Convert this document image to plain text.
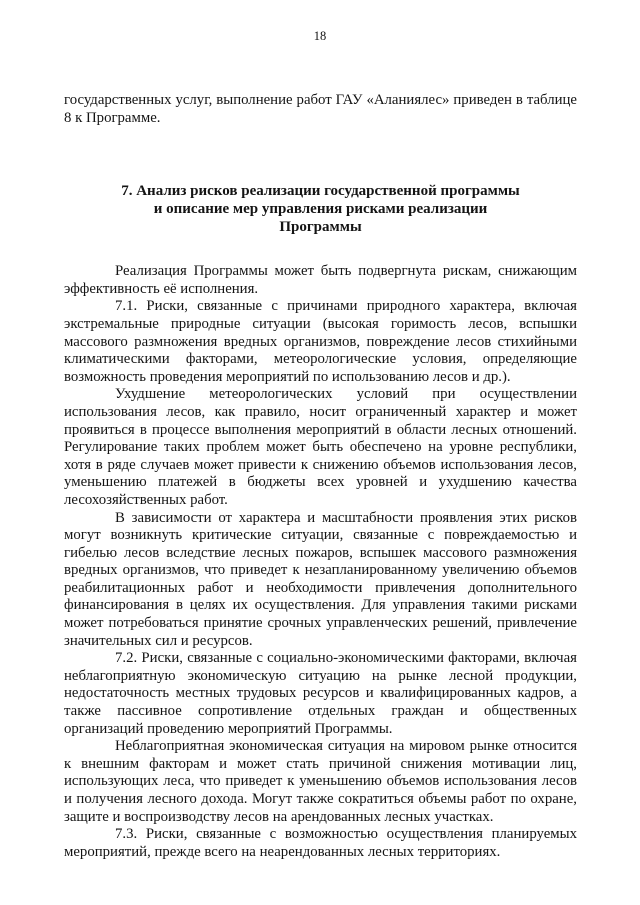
18

государственных услуг, выполнение работ ГАУ «Аланиялес» приведен в таблице 8 к Программе.

7. Анализ рисков реализации государственной программы
и описание мер управления рисками реализации
Программы

Реализация Программы может быть подвергнута рискам, снижающим эффективность её исполнения.

7.1. Риски, связанные с причинами природного характера, включая экстремальные природные ситуации (высокая горимость лесов, вспышки массового размножения вредных организмов, повреждение лесов стихийными климатическими факторами, метеорологические условия, определяющие возможность проведения мероприятий по использованию лесов и др.).

Ухудшение метеорологических условий при осуществлении использования лесов, как правило, носит ограниченный характер и может проявиться в процессе выполнения мероприятий в области лесных отношений. Регулирование таких проблем может быть обеспечено на уровне республики, хотя в ряде случаев может привести к снижению объемов использования лесов, уменьшению платежей в бюджеты всех уровней и ухудшению качества лесохозяйственных работ.

В зависимости от характера и масштабности проявления этих рисков могут возникнуть критические ситуации, связанные с повреждаемостью и гибелью лесов вследствие лесных пожаров, вспышек массового размножения вредных организмов, что приведет к незапланированному увеличению объемов реабилитационных работ и необходимости привлечения дополнительного финансирования в целях их осуществления. Для управления такими рисками может потребоваться принятие срочных управленческих решений, привлечение значительных сил и ресурсов.

7.2. Риски, связанные с социально-экономическими факторами, включая неблагоприятную экономическую ситуацию на рынке лесной продукции, недостаточность местных трудовых ресурсов и квалифицированных кадров, а также пассивное сопротивление отдельных граждан и общественных организаций проведению мероприятий Программы.

Неблагоприятная экономическая ситуация на мировом рынке относится к внешним факторам и может стать причиной снижения мотивации лиц, использующих леса, что приведет к уменьшению объемов использования лесов и получения лесного дохода. Могут также сократиться объемы работ по охране, защите и воспроизводству лесов на арендованных лесных участках.

7.3. Риски, связанные с возможностью осуществления планируемых мероприятий, прежде всего на неарендованных лесных территориях.
